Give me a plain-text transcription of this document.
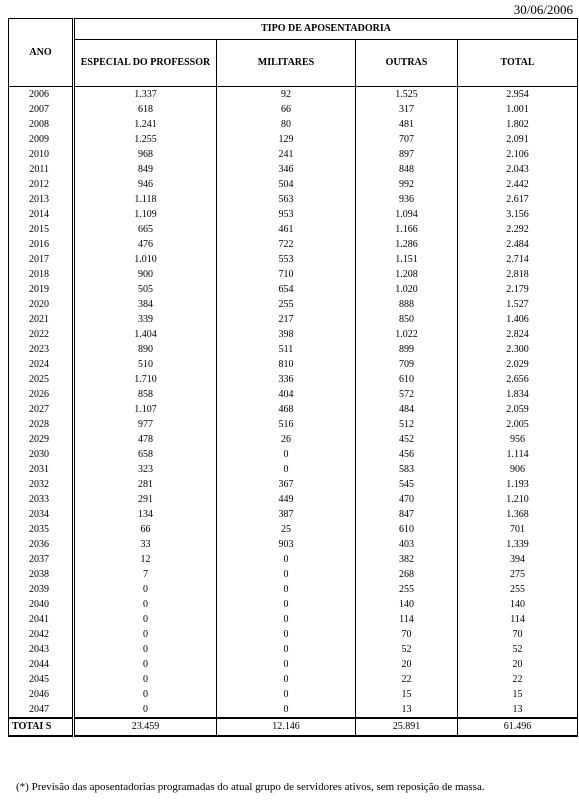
30/06/2006
ANO	TIPO DE APOSENTADORIA			
	ESPECIAL DO PROFESSOR	MILITARES	OUTRAS	TOTAL

2006	1.337	92	1.525	2.954

2007	618	66	317	1.001

2008	1.241	80	481	1.802

2009	1.255	129	707	2.091

2010	968	241	897	2.106

2011	849	346	848	2.043

2012	946	504	992	2.442

2013	1.118	563	936	2.617

2014	1.109	953	1.094	3.156

2015	665	461	1.166	2.292

2016	476	722	1.286	2.484

2017	1.010	553	1.151	2.714

2018	900	710	1.208	2.818

2019	505	654	1.020	2.179

2020	384	255	888	1.527

2021	339	217	850	1.406

2022	1.404	398	1.022	2.824

2023	890	511	899	2.300

2024	510	810	709	2.029

2025	1.710	336	610	2.656

2026	858	404	572	1.834

2027	1.107	468	484	2.059

2028	977	516	512	2.005

2029	478	26	452	956

2030	658	0	456	1.114

2031	323	0	583	906

2032	281	367	545	1.193

2033	291	449	470	1.210

2034	134	387	847	1.368

2035	66	25	610	701

2036	33	903	403	1.339

2037	12	0	382	394

2038	7	0	268	275

2039	0	0	255	255

2040	0	0	140	140

2041	0	0	114	114

2042	0	0	70	70

2043	0	0	52	52

2044	0	0	20	20

2045	0	0	22	22

2046	0	0	15	15

2047	0	0	13	13
TOTAI S	23.459	12.146	25.891	61.496
(*) Previsão das aposentadorias programadas do atual grupo de servidores ativos, sem reposição de massa.
